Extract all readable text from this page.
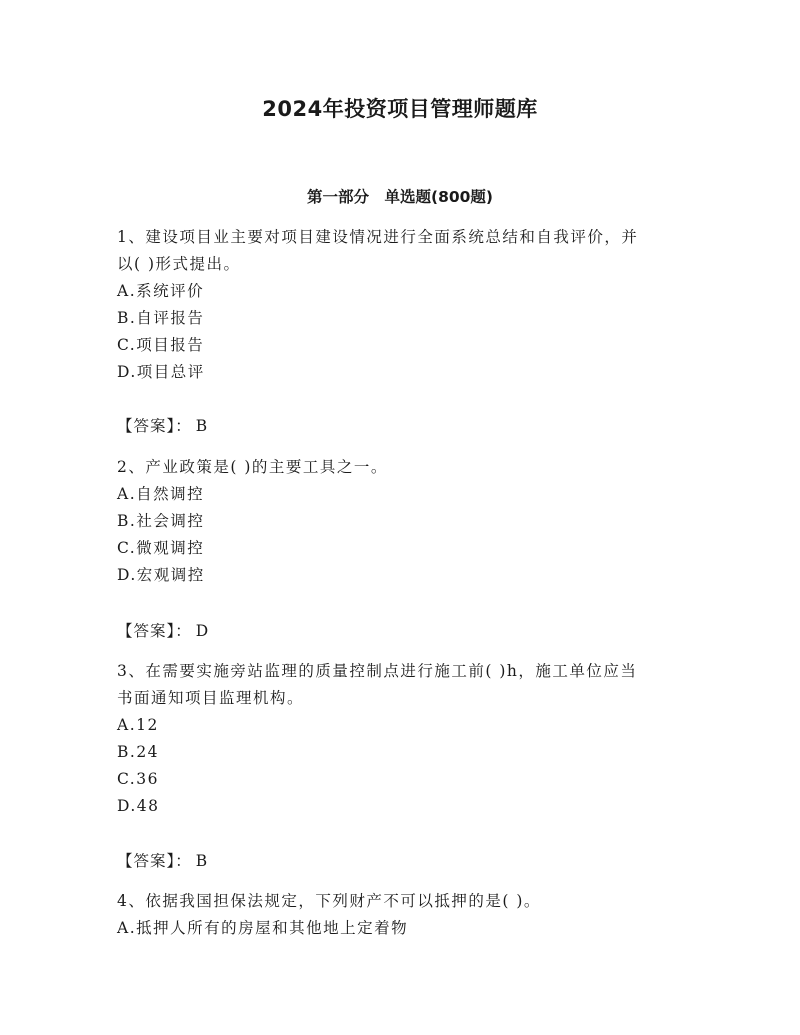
2024年投资项目管理师题库
第一部分　单选题(800题)

1、建设项目业主要对项目建设情况进行全面系统总结和自我评价，并

以( )形式提出。

A.系统评价

B.自评报告

C.项目报告

D.项目总评

【答案】： B

2、产业政策是( )的主要工具之一。

A.自然调控

B.社会调控

C.微观调控

D.宏观调控

【答案】： D

3、在需要实施旁站监理的质量控制点进行施工前( )h，施工单位应当

书面通知项目监理机构。

A.12

B.24

C.36

D.48

【答案】： B

4、依据我国担保法规定，下列财产不可以抵押的是( )。

A.抵押人所有的房屋和其他地上定着物
